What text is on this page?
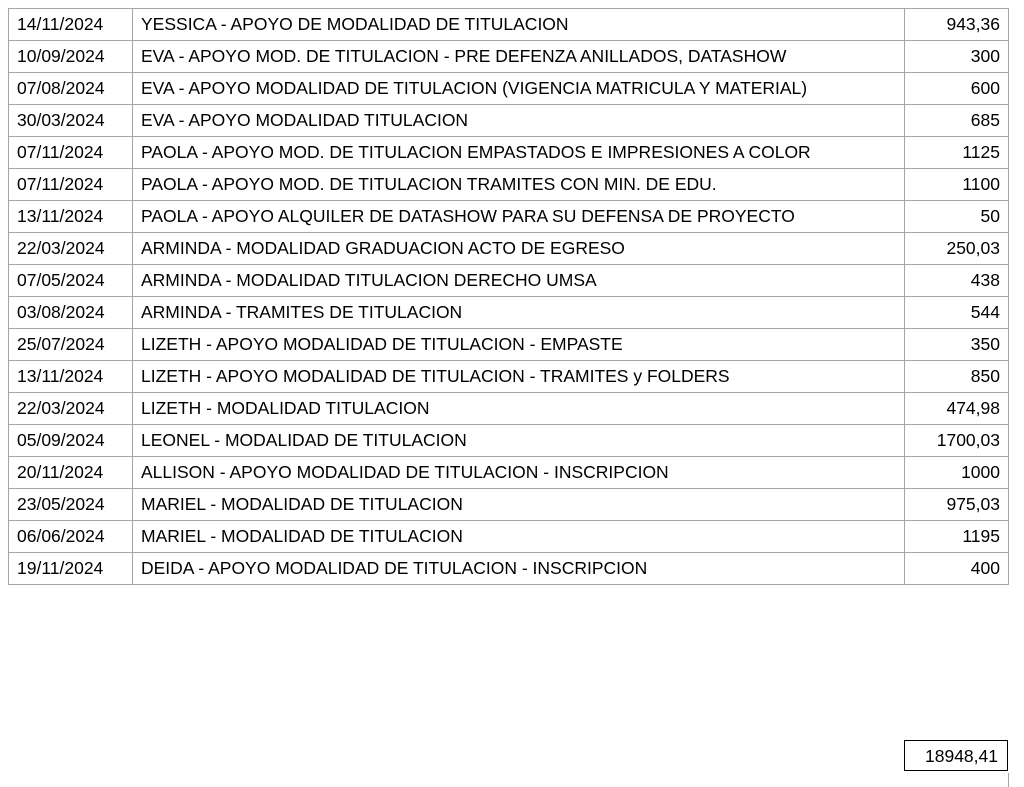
14/11/2024	YESSICA - APOYO DE MODALIDAD DE TITULACION	943,36
10/09/2024	EVA - APOYO MOD. DE TITULACION - PRE DEFENZA ANILLADOS, DATASHOW	300
07/08/2024	EVA - APOYO MODALIDAD DE TITULACION (VIGENCIA MATRICULA Y MATERIAL)	600
30/03/2024	EVA - APOYO MODALIDAD TITULACION	685
07/11/2024	PAOLA - APOYO MOD. DE TITULACION EMPASTADOS E IMPRESIONES A COLOR	1125
07/11/2024	PAOLA - APOYO MOD. DE TITULACION TRAMITES CON MIN. DE EDU.	1100
13/11/2024	PAOLA - APOYO ALQUILER DE DATASHOW PARA SU DEFENSA DE PROYECTO	50
22/03/2024	ARMINDA - MODALIDAD GRADUACION ACTO DE EGRESO	250,03
07/05/2024	ARMINDA - MODALIDAD TITULACION DERECHO UMSA	438
03/08/2024	ARMINDA - TRAMITES DE TITULACION	544
25/07/2024	LIZETH - APOYO MODALIDAD DE TITULACION - EMPASTE	350
13/11/2024	LIZETH - APOYO MODALIDAD DE TITULACION - TRAMITES y FOLDERS	850
22/03/2024	LIZETH - MODALIDAD TITULACION	474,98
05/09/2024	LEONEL - MODALIDAD DE TITULACION	1700,03
20/11/2024	ALLISON - APOYO MODALIDAD DE TITULACION - INSCRIPCION	1000
23/05/2024	MARIEL - MODALIDAD DE TITULACION	975,03
06/06/2024	MARIEL - MODALIDAD DE TITULACION	1195
19/11/2024	DEIDA - APOYO MODALIDAD DE TITULACION - INSCRIPCION	400
18948,41
